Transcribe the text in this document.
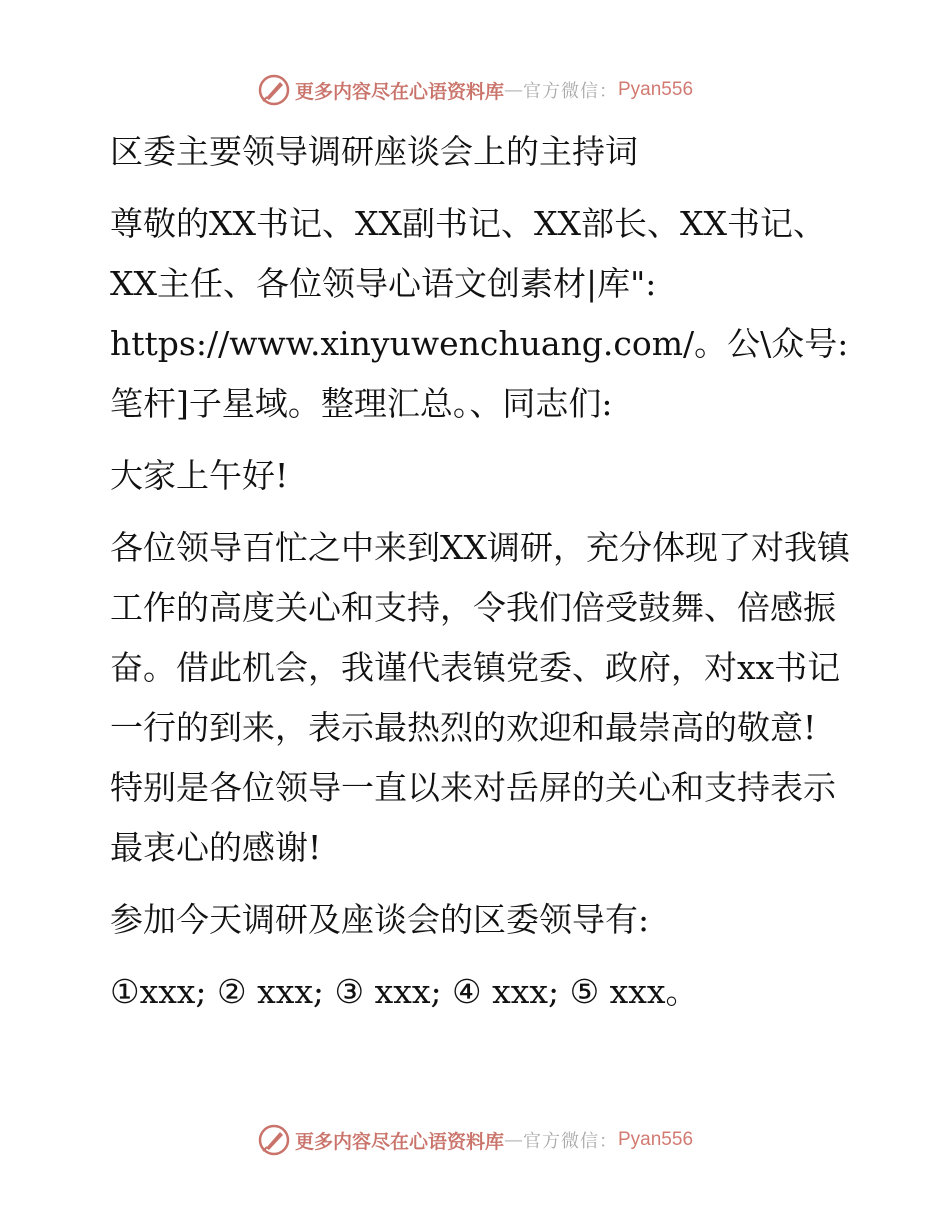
更多内容尽在心语资料库 — 官方微信： Pyan556

区委主要领导调研座谈会上的主持词

尊敬的XX书记、XX副书记、XX部长、XX书记、XX主任、各位领导心语文创素材|库": https://www.xinyuwenchuang.com/。公\众号: 笔杆]子星域。整理汇总。、同志们:

大家上午好!

各位领导百忙之中来到XX调研，充分体现了对我镇工作的高度关心和支持，令我们倍受鼓舞、倍感振奋。借此机会，我谨代表镇党委、政府，对xx书记一行的到来，表示最热烈的欢迎和最崇高的敬意! 特别是各位领导一直以来对岳屏的关心和支持表示最衷心的感谢!

参加今天调研及座谈会的区委领导有:

①xxx; ② xxx; ③ xxx; ④ xxx; ⑤ xxx。

更多内容尽在心语资料库 — 官方微信： Pyan556
